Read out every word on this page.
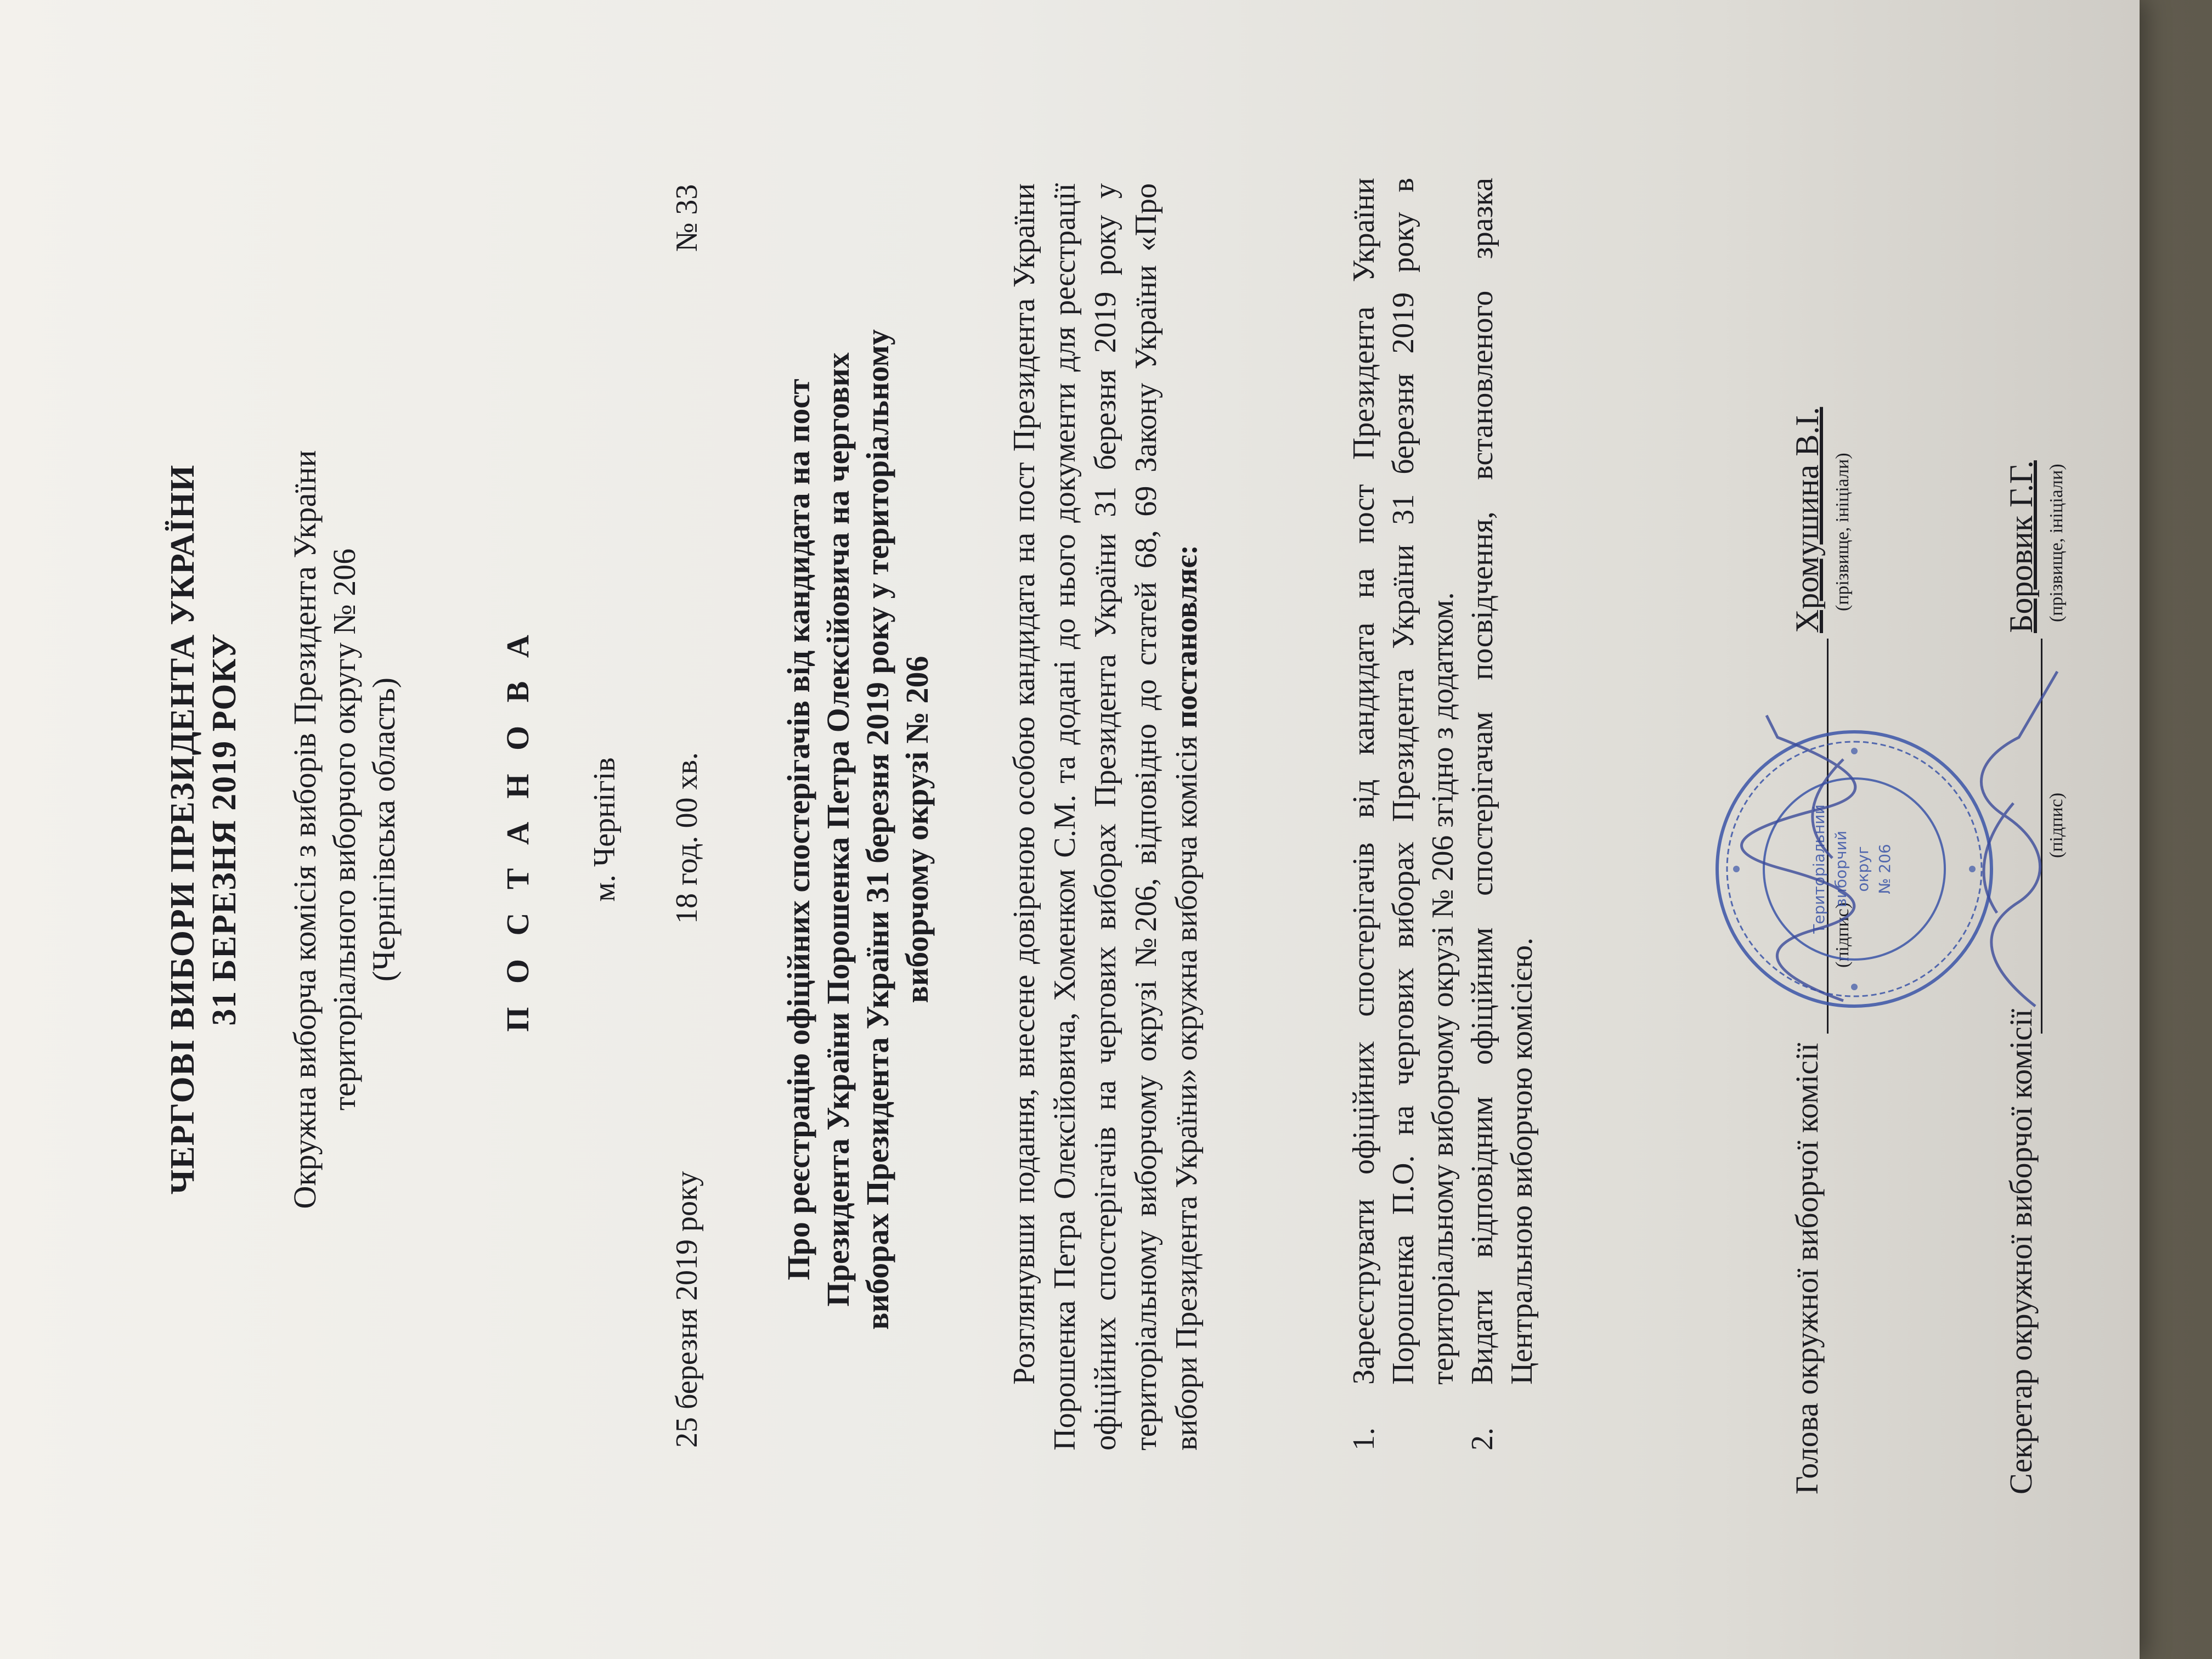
ЧЕРГОВІ ВИБОРИ ПРЕЗИДЕНТА УКРАЇНИ 31 БЕРЕЗНЯ 2019 РОКУ Окружна виборча комісія з виборів Президента України територіального виборчого округу № 206 (Чернігівська область)	П О С Т А Н О В А м. Чернігів
25 березня 2019 року
18 год. 00 хв.
№ 33
Про реєстрацію офіційних спостерігачів від кандидата на пост Президента України Порошенка Петра Олексійовича на чергових виборах Президента України 31 березня 2019 року у територіальному виборчому окрузі № 206 Розглянувши подання, внесене довіреною особою кандидата на пост Президента України Порошенка Петра Олексійовича, Хоменком С.М. та додані до нього документи для реєстрації офіційних спостерігачів на чергових виборах Президента України 31 березня 2019 року у територіальному виборчому окрузі №206, відповідно до статей 68, 69 Закону України «Про вибори Президента України» окружна виборча комісія постановляє:
1.
Зареєструвати офіційних спостерігачів від кандидата на пост Президента України Порошенка П.О. на чергових виборах Президента України 31 березня 2019 року в територіальному виборчому окрузі № 206 згідно з додатком.
2.
Видати відповідним офіційним спостерігачам посвідчення, встановленого зразка Центральною виборчою комісією.	Голова окружної виборчої комісії
(підпис)
Хромушина В.І. (прізвище, ініціали)
Секретар окружної виборчої комісії
(підпис)
Боровик Г.Г. (прізвище, ініціали)
Територіальний виборчий округ № 206
